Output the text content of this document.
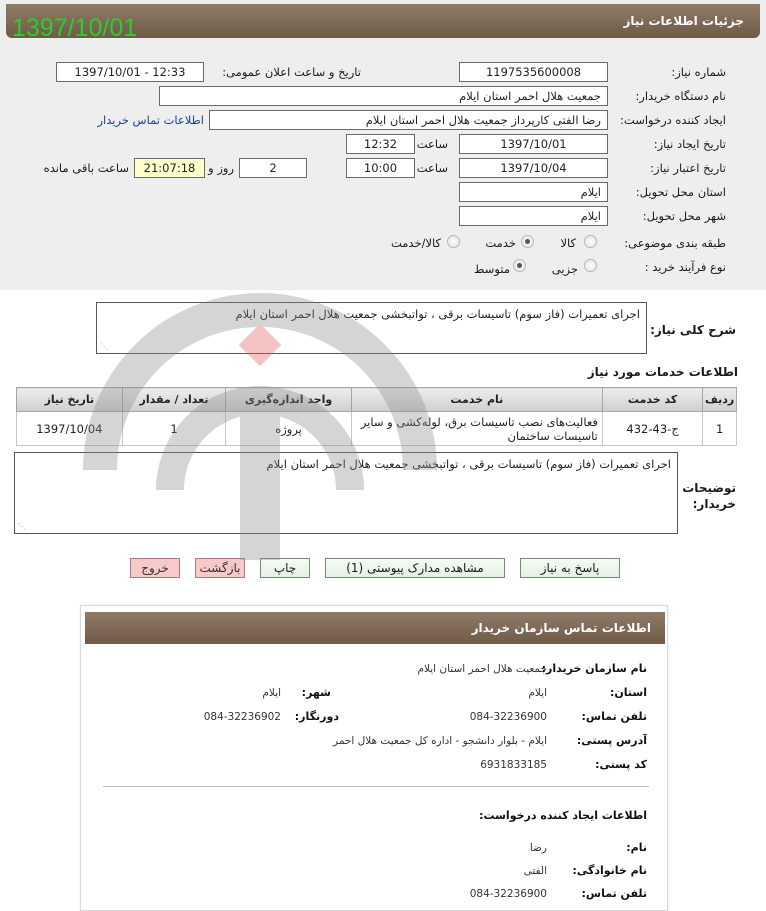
جزئیات اطلاعات نیاز
1397/10/01
شماره نیاز:
1197535600008
تاریخ و ساعت اعلان عمومی:
1397/10/01 - 12:33
نام دستگاه خریدار:
جمعیت هلال احمر استان ایلام
ایجاد کننده درخواست:
رضا الفتی کارپرداز جمعیت هلال احمر استان ایلام
اطلاعات تماس خریدار
تاریخ ایجاد نیاز:
1397/10/01
ساعت
12:32
تاریخ اعتبار نیاز:
1397/10/04
ساعت
10:00
2
روز و
21:07:18
ساعت باقی مانده
استان محل تحویل:
ایلام
شهر محل تحویل:
ایلام
طبقه بندی موضوعی:
کالا
خدمت
کالا/خدمت
نوع فرآیند خرید :
جزیی
متوسط
شرح کلی نیاز:
اجرای تعمیرات (فاز سوم) تاسیسات برقی ، تواتبخشی جمعیت هلال احمر استان ایلام
⋰
اطلاعات خدمات مورد نیاز
ردیف	کد خدمت	نام خدمت	واحد اندازه‌گیری	تعداد / مقدار	تاریخ نیاز
1	ج-43-432	فعالیت‌های نصب تاسیسات برق، لوله‌کشی و سایر تاسیسات ساختمان	پروژه	1	1397/10/04
توضیحات خریدار:
اجرای تعمیرات (فاز سوم) تاسیسات برقی ، تواتبخشی جمعیت هلال احمر استان ایلام
⋰
پاسخ به نیاز
مشاهده مدارک پیوستی (1)
چاپ
بازگشت
خروج
اطلاعات تماس سازمان خریدار
نام سازمان خریدار:
جمعیت هلال احمر استان ایلام
استان:
ایلام
شهر:
ایلام
تلفن تماس:
084-32236900
دورنگار:
084-32236902
آدرس پستی:
ایلام - بلوار دانشجو - اداره کل جمعیت هلال احمر
کد پستی:
6931833185
اطلاعات ایجاد کننده درخواست:
نام:
رضا
نام خانوادگی:
الفتی
تلفن تماس:
084-32236900
